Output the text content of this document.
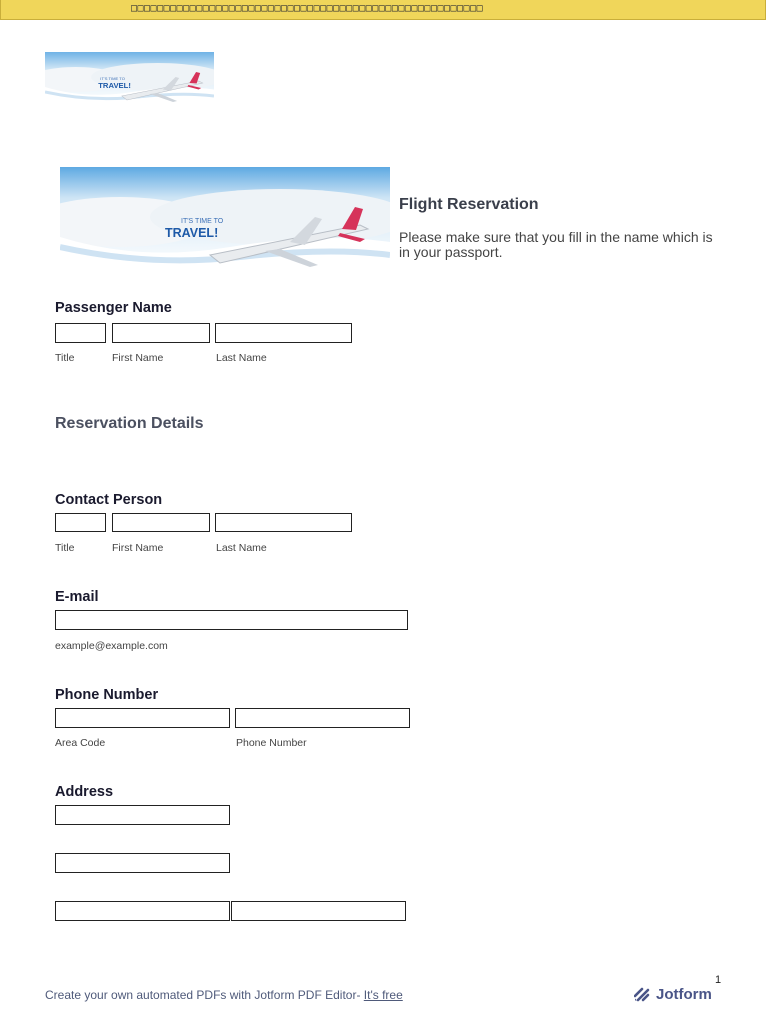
□□□□□□□□□□□□□□□□□□□□□□□□□□□□□□□□□□□□□□□□□□□□□□□□□□□□□□
IT'S TIME TO
TRAVEL!
IT'S TIME TO
TRAVEL!
Flight Reservation
Please make sure that you fill in the name which is in your passport.
Passenger Name
Title	First Name	Last Name
Reservation Details
Contact Person
Title	First Name	Last Name
E-mail
example@example.com
Phone Number
Area Code	Phone Number
Address
1
Create your own automated PDFs with Jotform PDF Editor- It's free	Jotform
